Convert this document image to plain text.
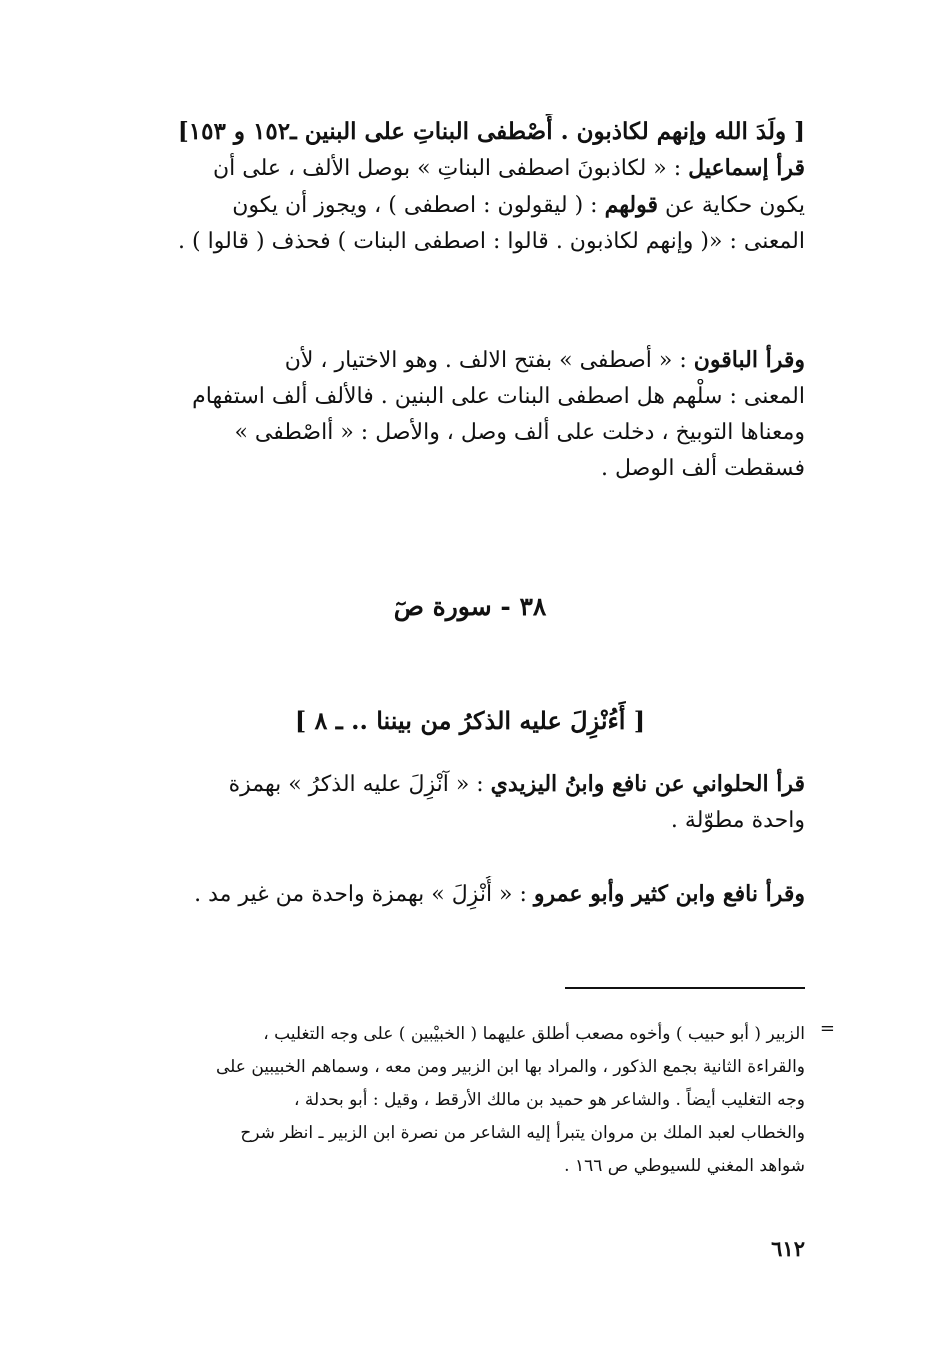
[ ولَدَ الله وإنهم لكاذبون . أَصْطفى البناتِ على البنين ـ١٥٢ و ١٥٣]
قرأ إسماعيل : « لكاذبونَ اصطفى البناتِ » بوصل الألف ، على أن
يكون حكاية عن قولهم : ( ليقولون : اصطفى ) ، ويجوز أن يكون
المعنى : «( وإنهم لكاذبون . قالوا : اصطفى البنات ) فحذف ( قالوا ) .
وقرأ الباقون : « أصطفى » بفتح الالف . وهو الاختيار ، لأن
المعنى : سلْهم هل اصطفى البنات على البنين . فالألف ألف استفهام
ومعناها التوبيخ ، دخلت على ألف وصل ، والأصل : « أاصْطفى »
فسقطت ألف الوصل .
٣٨ - سورة صٓ
[ أَءُنْزِلَ عليه الذكرُ من بيننا .. ـ ٨ ]
قرأ الحلواني عن نافع وابنُ اليزيدي : « آنْزِلَ عليه الذكرُ » بهمزة
واحدة مطوّلة .
وقرأ نافع وابن كثير وأبو عمرو : « أُنْزِلَ » بهمزة واحدة من غير مد .
=
الزبير ( أبو حبيب ) وأخوه مصعب أطلق عليهما ( الخبيْبين ) على وجه التغليب ،
والقراءة الثانية بجمع الذكور ، والمراد بها ابن الزبير ومن معه ، وسماهم الخبيبين على
وجه التغليب أيضاً . والشاعر هو حميد بن مالك الأرقط ، وقيل : أبو بحدلة ،
والخطاب لعبد الملك بن مروان يتبرأ إليه الشاعر من نصرة ابن الزبير ـ انظر شرح
شواهد المغني للسيوطي ص ١٦٦ .
٦١٢
